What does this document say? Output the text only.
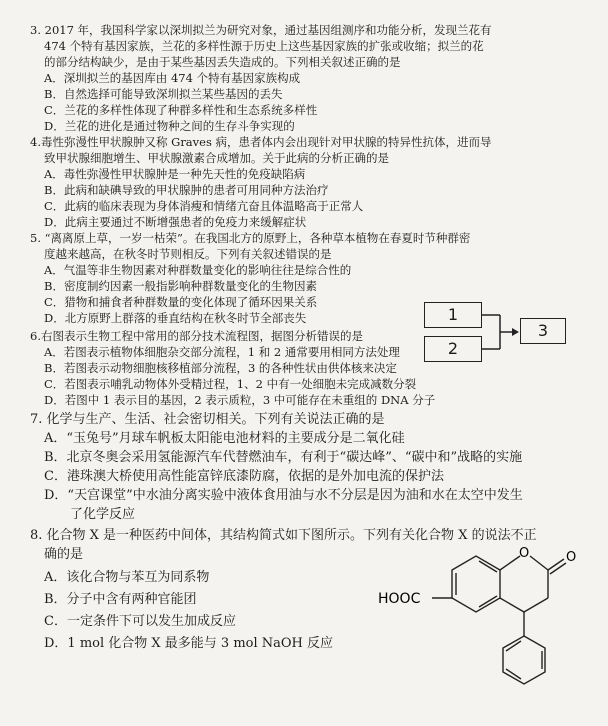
3. 2017 年，我国科学家以深圳拟兰为研究对象，通过基因组测序和功能分析，发现兰花有
474 个特有基因家族，兰花的多样性源于历史上这些基因家族的扩张或收缩；拟兰的花
的部分结构缺少，是由于某些基因丢失造成的。下列相关叙述正确的是
A．深圳拟兰的基因库由 474 个特有基因家族构成
B．自然选择可能导致深圳拟兰某些基因的丢失
C．兰花的多样性体现了种群多样性和生态系统多样性
D．兰花的进化是通过物种之间的生存斗争实现的
4.毒性弥漫性甲状腺肿又称 Graves 病，患者体内会出现针对甲状腺的特异性抗体，进而导
致甲状腺细胞增生、甲状腺激素合成增加。关于此病的分析正确的是
A．毒性弥漫性甲状腺肿是一种先天性的免疫缺陷病
B．此病和缺碘导致的甲状腺肿的患者可用同种方法治疗
C．此病的临床表现为身体消瘦和情绪亢奋且体温略高于正常人
D．此病主要通过不断增强患者的免疫力来缓解症状
5. “离离原上草，一岁一枯荣”。在我国北方的原野上，各种草本植物在春夏时节种群密
度越来越高，在秋冬时节则相反。下列有关叙述错误的是
A．气温等非生物因素对种群数量变化的影响往往是综合性的
B．密度制约因素一般指影响种群数量变化的生物因素
C．猎物和捕食者种群数量的变化体现了循环因果关系
D．北方原野上群落的垂直结构在秋冬时节全部丧失
6.右图表示生物工程中常用的部分技术流程图，据图分析错误的是
A．若图表示植物体细胞杂交部分流程，1 和 2 通常要用相同方法处理
B．若图表示动物细胞核移植部分流程，3 的各种性状由供体核来决定
C．若图表示哺乳动物体外受精过程，1、2 中有一处细胞未完成减数分裂
D．若图中 1 表示目的基因，2 表示质粒，3 中可能存在未重组的 DNA 分子
1
2
3
7. 化学与生产、生活、社会密切相关。下列有关说法正确的是
A．“玉兔号”月球车帆板太阳能电池材料的主要成分是二氧化硅
B．北京冬奥会采用氢能源汽车代替燃油车，有利于“碳达峰”、“碳中和”战略的实施
C．港珠澳大桥使用高性能富锌底漆防腐，依据的是外加电流的保护法
D．“天宫课堂”中水油分离实验中液体食用油与水不分层是因为油和水在太空中发生
了化学反应
8. 化合物 X 是一种医药中间体，其结构简式如下图所示。下列有关化合物 X 的说法不正
确的是
A．该化合物与苯互为同系物
B．分子中含有两种官能团
C．一定条件下可以发生加成反应
D．1 mol 化合物 X 最多能与 3 mol NaOH 反应
O	O
HOOC
